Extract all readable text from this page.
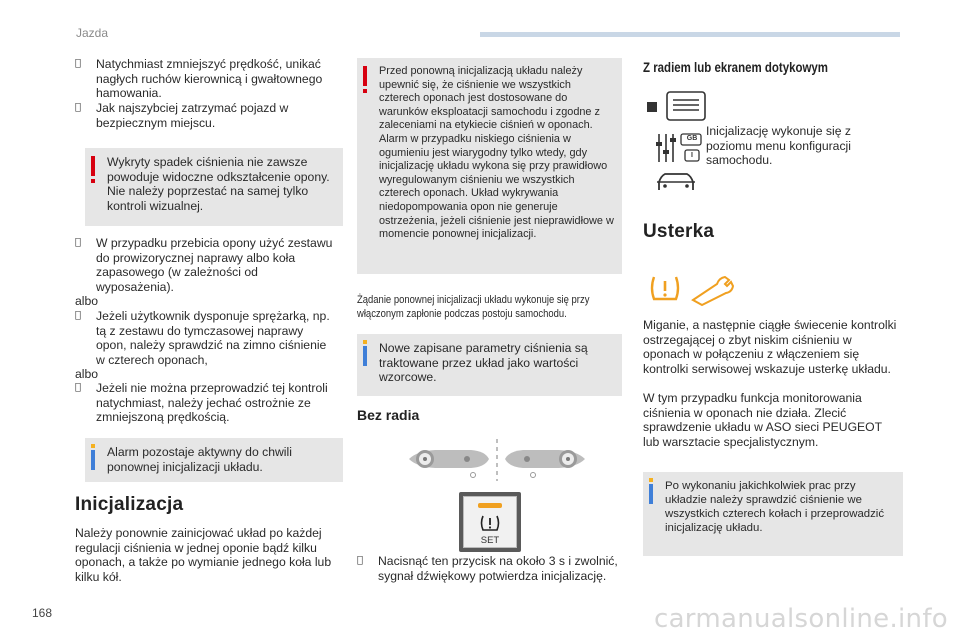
Jazda
Natychmiast zmniejszyć prędkość, unikać nagłych ruchów kierownicą i gwałtownego hamowania.
Jak najszybciej zatrzymać pojazd w bezpiecznym miejscu.
Wykryty spadek ciśnienia nie zawsze powoduje widoczne odkształcenie opony. Nie należy poprzestać na samej tylko kontroli wizualnej.
W przypadku przebicia opony użyć zestawu do prowizorycznej naprawy albo koła zapasowego (w zależności od wyposażenia).
albo
Jeżeli użytkownik dysponuje sprężarką, np. tą z zestawu do tymczasowej naprawy opon, należy sprawdzić na zimno ciśnienie w czterech oponach,
albo
Jeżeli nie można przeprowadzić tej kontroli natychmiast, należy jechać ostrożnie ze zmniejszoną prędkością.
Alarm pozostaje aktywny do chwili ponownej inicjalizacji układu.
Inicjalizacja
Należy ponownie zainicjować układ po każdej regulacji ciśnienia w jednej oponie bądź kilku oponach, a także po wymianie jednego koła lub kilku kół.
Przed ponowną inicjalizacją układu należy upewnić się, że ciśnienie we wszystkich czterech oponach jest dostosowane do warunków eksploatacji samochodu i zgodne z zaleceniami na etykiecie ciśnień w oponach. Alarm w przypadku niskiego ciśnienia w ogumieniu jest wiarygodny tylko wtedy, gdy inicjalizację układu wykona się przy prawidłowo wyregulowanym ciśnieniu we wszystkich czterech oponach. Układ wykrywania niedopompowania opon nie generuje ostrzeżenia, jeżeli ciśnienie jest nieprawidłowe w momencie ponownej inicjalizacji.
Żądanie ponownej inicjalizacji układu wykonuje się przy włączonym zapłonie podczas postoju samochodu.
Nowe zapisane parametry ciśnienia są traktowane przez układ jako wartości wzorcowe.
Bez radia
SET
Nacisnąć ten przycisk na około 3 s i zwolnić, sygnał dźwiękowy potwierdza inicjalizację.
Z radiem lub ekranem dotykowym
GB
I
Inicjalizację wykonuje się z poziomu menu konfiguracji samochodu.
Usterka
Miganie, a następnie ciągłe świecenie kontrolki ostrzegającej o zbyt niskim ciśnieniu w oponach w połączeniu z włączeniem się kontrolki serwisowej wskazuje usterkę układu.
W tym przypadku funkcja monitorowania ciśnienia w oponach nie działa. Zlecić sprawdzenie układu w ASO sieci PEUGEOT lub warsztacie specjalistycznym.
Po wykonaniu jakichkolwiek prac przy układzie należy sprawdzić ciśnienie we wszystkich czterech kołach i przeprowadzić inicjalizację układu.
168	carmanualsonline.info
